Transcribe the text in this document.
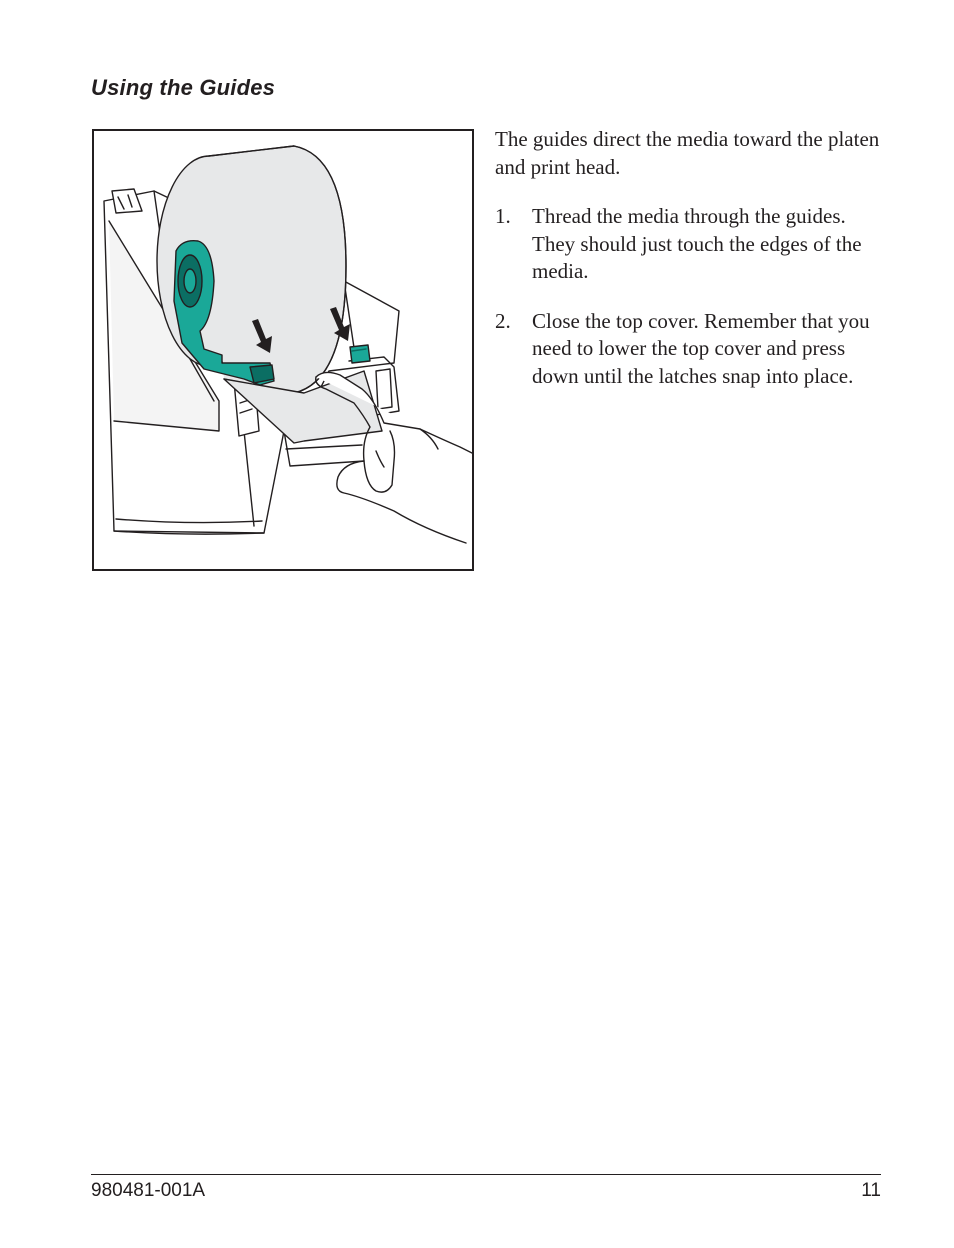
Using the Guides

The guides direct the media toward the platen and print head.

1. Thread the media through the guides. They should just touch the edges of the media.
2. Close the top cover. Remember that you need to lower the top cover and press down until the latches snap into place.
980481-001A	11
